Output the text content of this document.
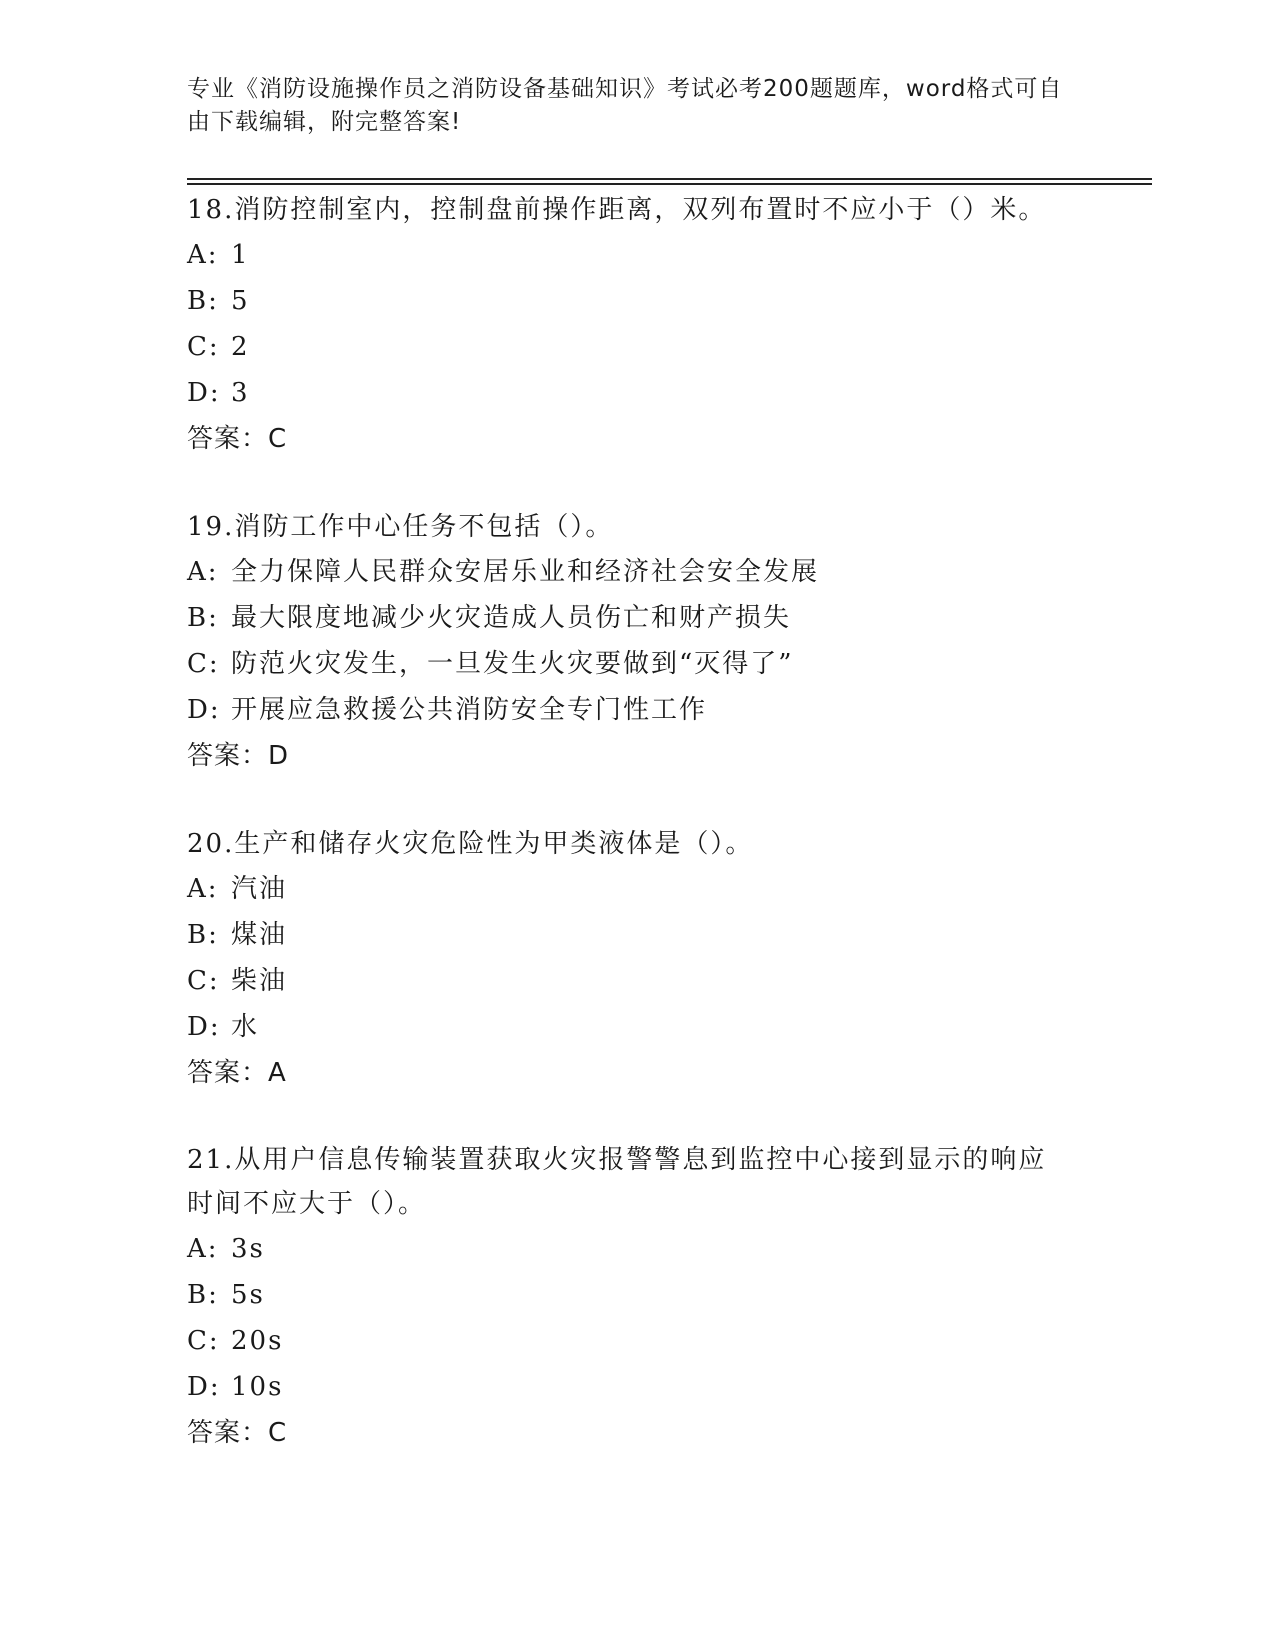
专业《消防设施操作员之消防设备基础知识》考试必考200题题库，word格式可自由下载编辑，附完整答案!

18.消防控制室内，控制盘前操作距离，双列布置时不应小于（）米。

A: 1

B: 5

C: 2

D: 3

答案：C

19.消防工作中心任务不包括（）。

A: 全力保障人民群众安居乐业和经济社会安全发展

B: 最大限度地减少火灾造成人员伤亡和财产损失

C: 防范火灾发生，一旦发生火灾要做到“灭得了”

D: 开展应急救援公共消防安全专门性工作

答案：D

20.生产和储存火灾危险性为甲类液体是（）。

A: 汽油

B: 煤油

C: 柴油

D: 水

答案：A

21.从用户信息传输装置获取火灾报警警息到监控中心接到显示的响应时间不应大于（）。

A: 3s

B: 5s

C: 20s

D: 10s

答案：C
